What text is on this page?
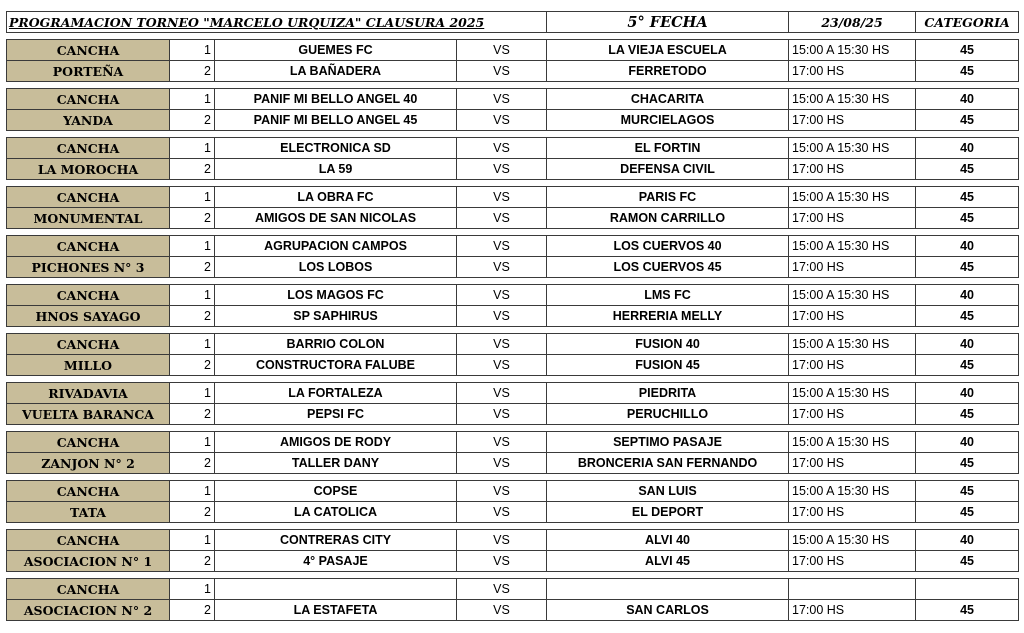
PROGRAMACION TORNEO "MARCELO URQUIZA" CLAUSURA 2025				5° FECHA	23/08/25	CATEGORIA

CANCHA	1	GUEMES FC	VS	LA VIEJA ESCUELA	15:00 A 15:30 HS	45
PORTEÑA	2	LA BAÑADERA	VS	FERRETODO	17:00 HS	45

CANCHA	1	PANIF MI BELLO ANGEL 40	VS	CHACARITA	15:00 A 15:30 HS	40
YANDA	2	PANIF MI BELLO ANGEL 45	VS	MURCIELAGOS	17:00 HS	45

CANCHA	1	ELECTRONICA SD	VS	EL FORTIN	15:00 A 15:30 HS	40
LA MOROCHA	2	LA 59	VS	DEFENSA CIVIL	17:00 HS	45

CANCHA	1	LA OBRA FC	VS	PARIS FC	15:00 A 15:30 HS	45
MONUMENTAL	2	AMIGOS DE SAN NICOLAS	VS	RAMON CARRILLO	17:00 HS	45

CANCHA	1	AGRUPACION CAMPOS	VS	LOS CUERVOS 40	15:00 A 15:30 HS	40
PICHONES N° 3	2	LOS LOBOS	VS	LOS CUERVOS 45	17:00 HS	45

CANCHA	1	LOS MAGOS FC	VS	LMS FC	15:00 A 15:30 HS	40
HNOS SAYAGO	2	SP SAPHIRUS	VS	HERRERIA MELLY	17:00 HS	45

CANCHA	1	BARRIO COLON	VS	FUSION 40	15:00 A 15:30 HS	40
MILLO	2	CONSTRUCTORA FALUBE	VS	FUSION 45	17:00 HS	45

RIVADAVIA	1	LA FORTALEZA	VS	PIEDRITA	15:00 A 15:30 HS	40
VUELTA BARANCA	2	PEPSI FC	VS	PERUCHILLO	17:00 HS	45

CANCHA	1	AMIGOS DE RODY	VS	SEPTIMO PASAJE	15:00 A 15:30 HS	40
ZANJON N° 2	2	TALLER DANY	VS	BRONCERIA SAN FERNANDO	17:00 HS	45

CANCHA	1	COPSE	VS	SAN LUIS	15:00 A 15:30 HS	45
TATA	2	LA CATOLICA	VS	EL DEPORT	17:00 HS	45

CANCHA	1	CONTRERAS CITY	VS	ALVI 40	15:00 A 15:30 HS	40
ASOCIACION N° 1	2	4° PASAJE	VS	ALVI 45	17:00 HS	45

CANCHA	1		VS			
ASOCIACION N° 2	2	LA ESTAFETA	VS	SAN CARLOS	17:00 HS	45
